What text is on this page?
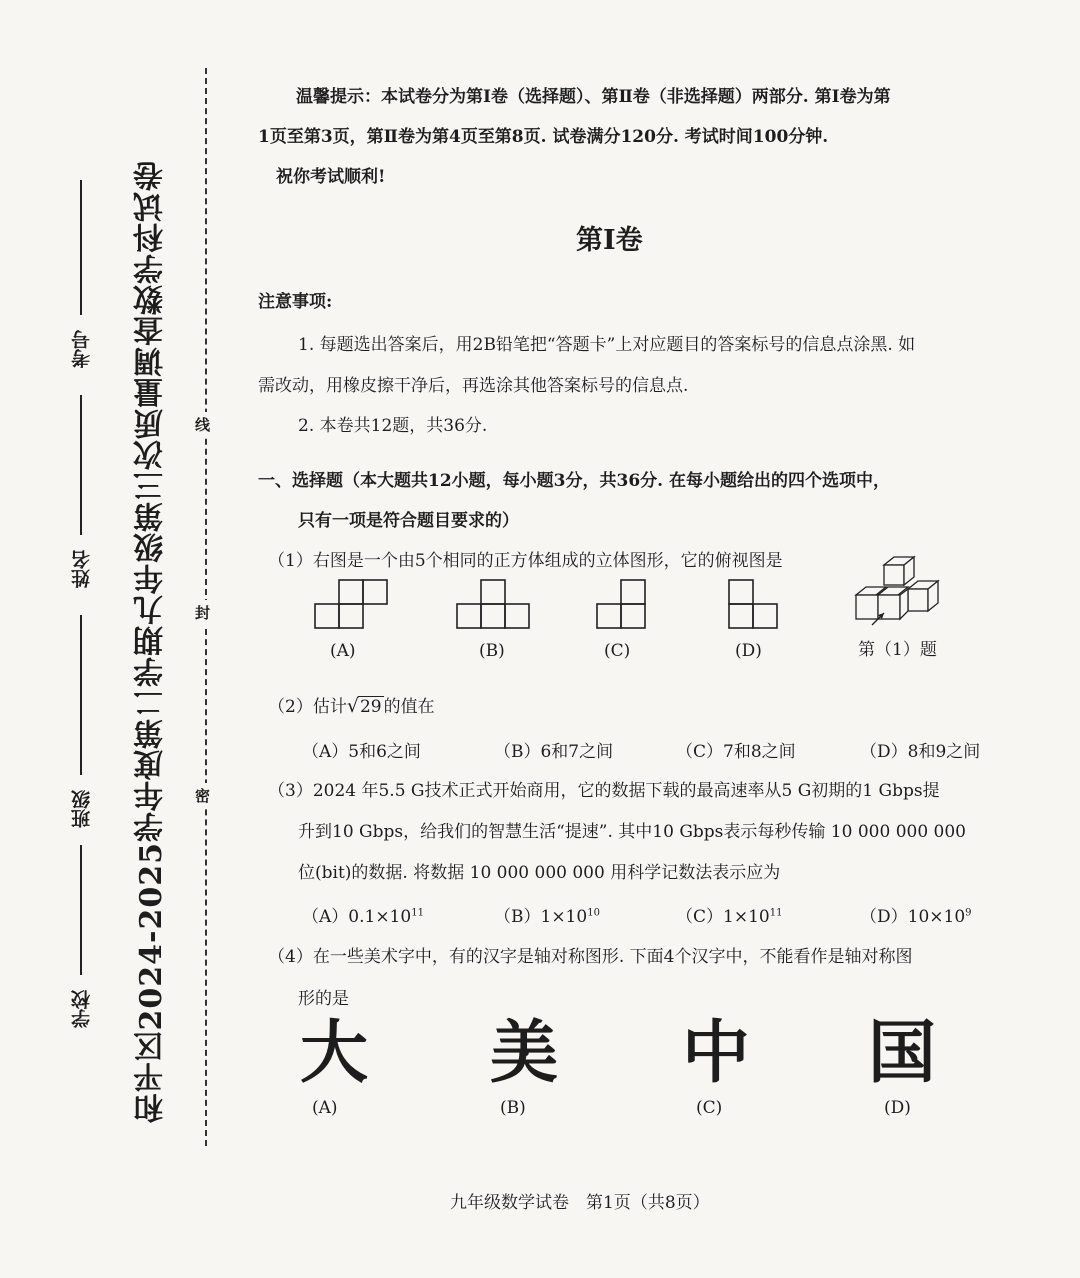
和平区2024-2025学年度第二学期九年级第三次质量调查数学科试卷
考号
姓名
班级
学校
线
封
密
温馨提示：本试卷分为第Ⅰ卷（选择题）、第Ⅱ卷（非选择题）两部分. 第Ⅰ卷为第
1页至第3页，第Ⅱ卷为第4页至第8页. 试卷满分120分. 考试时间100分钟.
祝你考试顺利!
第Ⅰ卷
注意事项:
1. 每题选出答案后，用2B铅笔把“答题卡”上对应题目的答案标号的信息点涂黑. 如
需改动，用橡皮擦干净后，再选涂其他答案标号的信息点.
2. 本卷共12题，共36分.
一、选择题（本大题共12小题，每小题3分，共36分. 在每小题给出的四个选项中，
只有一项是符合题目要求的）
（1）右图是一个由5个相同的正方体组成的立体图形，它的俯视图是
(A)	(B)	(C)	(D)	第（1）题
（2）估计√29 的值在
（A）5和6之间	（B）6和7之间	（C）7和8之间	（D）8和9之间
（3）2024 年5.5 G技术正式开始商用，它的数据下载的最高速率从5 G初期的1 Gbps提
升到10 Gbps，给我们的智慧生活“提速”. 其中10 Gbps表示每秒传输 10 000 000 000
位(bit)的数据. 将数据 10 000 000 000 用科学记数法表示应为
$(A)0.1\times 10^{11}$	$(B)1\times 10^{10}$	$(C)1\times 10^{11}$	$(D)10\times 10^9$
（4）在一些美术字中，有的汉字是轴对称图形. 下面4个汉字中，不能看作是轴对称图
形的是
大 美 中 国
(A)	(B)	(C)	(D)
九年级数学试卷　第1页（共8页）
